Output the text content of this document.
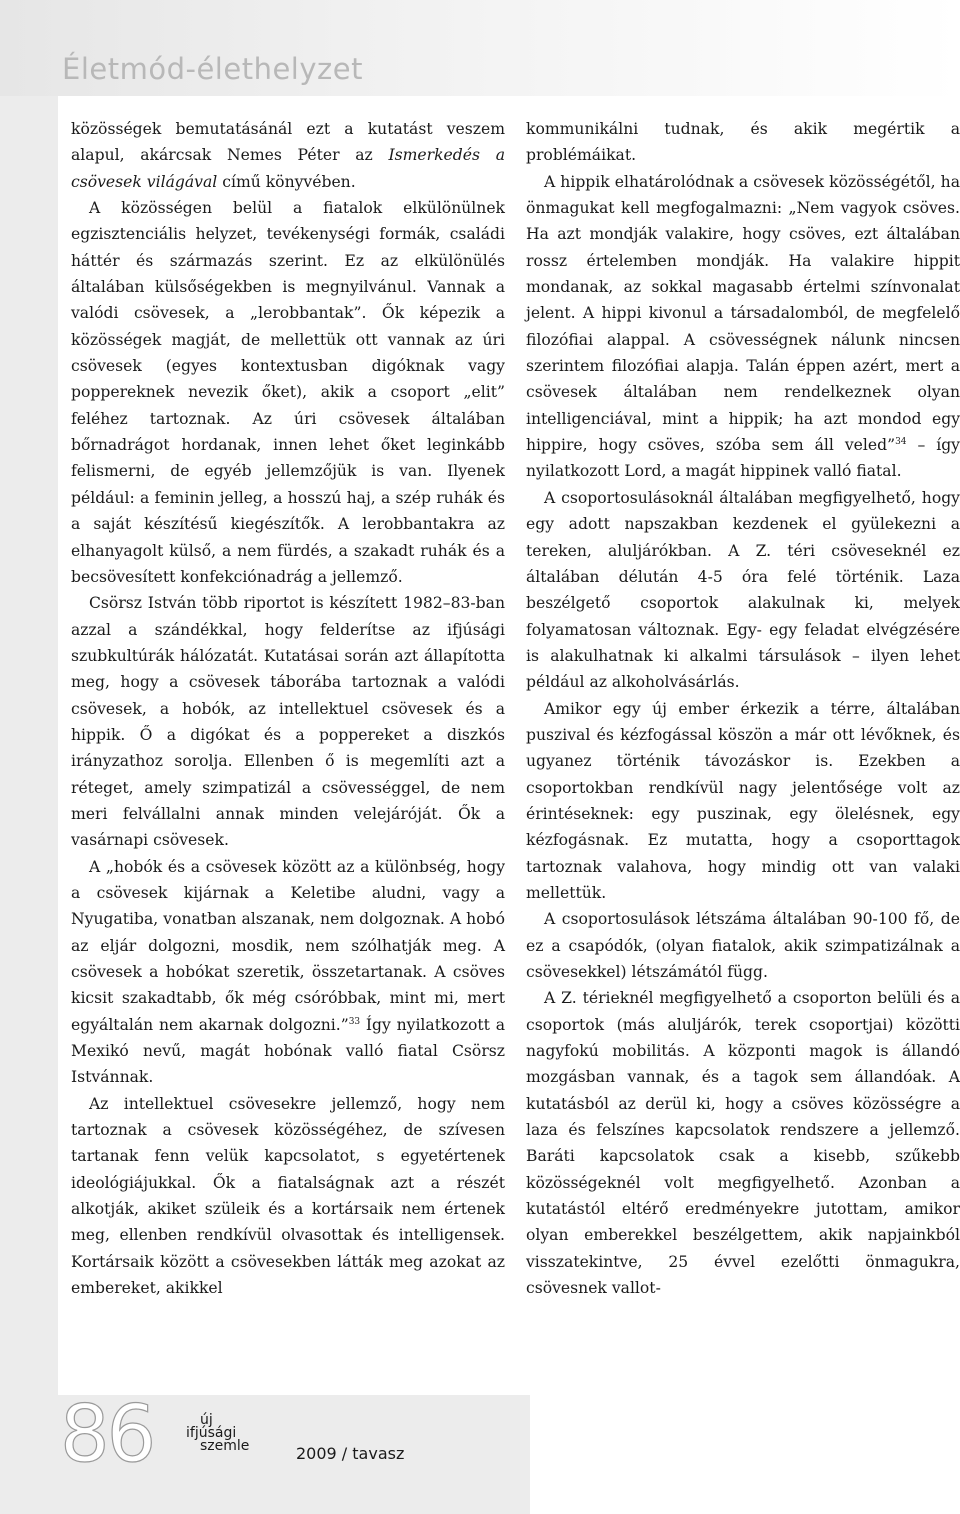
Életmód-élethelyzet

közösségek bemutatásánál ezt a kutatást veszem alapul, akárcsak Nemes Péter az Ismerkedés a csövesek világával című könyvében.

A közösségen belül a fiatalok elkülönülnek egzisztenciális helyzet, tevékenységi formák, családi háttér és származás szerint. Ez az elkülönülés általában külsőségekben is megnyilvánul. Vannak a valódi csövesek, a „lerobbantak”. Ők képezik a közösségek magját, de mellettük ott vannak az úri csövesek (egyes kontextusban digóknak vagy poppereknek nevezik őket), akik a csoport „elit” feléhez tartoznak. Az úri csövesek általában bőrnadrágot hordanak, innen lehet őket leginkább felismerni, de egyéb jellemzőjük is van. Ilyenek például: a feminin jelleg, a hosszú haj, a szép ruhák és a saját készítésű kiegészítők. A lerobbantakra az elhanyagolt külső, a nem fürdés, a szakadt ruhák és a becsövesített konfekciónadrág a jellemző.

Csörsz István több riportot is készített 1982–83-ban azzal a szándékkal, hogy felderítse az ifjúsági szubkultúrák hálózatát. Kutatásai során azt állapította meg, hogy a csövesek táborába tartoznak a valódi csövesek, a hobók, az intellektuel csövesek és a hippik. Ő a digókat és a poppereket a diszkós irányzathoz sorolja. Ellenben ő is megemlíti azt a réteget, amely szimpatizál a csövességgel, de nem meri felvállalni annak minden velejáróját. Ők a vasárnapi csövesek.

A „hobók és a csövesek között az a különbség, hogy a csövesek kijárnak a Keletibe aludni, vagy a Nyugatiba, vonatban alszanak, nem dolgoznak. A hobó az eljár dolgozni, mosdik, nem szólhatják meg. A csövesek a hobókat szeretik, összetartanak. A csöves kicsit szakadtabb, ők még csóróbbak, mint mi, mert egyáltalán nem akarnak dolgozni.”$^{33}$ Így nyilatkozott a Mexikó nevű, magát hobónak valló fiatal Csörsz Istvánnak.

Az intellektuel csövesekre jellemző, hogy nem tartoznak a csövesek közösségéhez, de szívesen tartanak fenn velük kapcsolatot, s egyetértenek ideológiájukkal. Ők a fiatalságnak azt a részét alkotják, akiket szüleik és a kortársaik nem értenek meg, ellenben rendkívül olvasottak és intelligensek. Kortársaik között a csövesekben látták meg azokat az embereket, akikkel

kommunikálni tudnak, és akik megértik a problémáikat.

A hippik elhatárolódnak a csövesek közösségétől, ha önmagukat kell megfogalmazni: „Nem vagyok csöves. Ha azt mondják valakire, hogy csöves, ezt általában rossz értelemben mondják. Ha valakire hippit mondanak, az sokkal magasabb értelmi színvonalat jelent. A hippi kivonul a társadalomból, de megfelelő filozófiai alappal. A csövességnek nálunk nincsen szerintem filozófiai alapja. Talán éppen azért, mert a csövesek általában nem rendelkeznek olyan intelligenciával, mint a hippik; ha azt mondod egy hippire, hogy csöves, szóba sem áll veled”$^{34}$ – így nyilatkozott Lord, a magát hippinek valló fiatal.

A csoportosulásoknál általában megfigyelhető, hogy egy adott napszakban kezdenek el gyülekezni a tereken, aluljárókban. A Z. téri csöveseknél ez általában délután 4-5 óra felé történik. Laza beszélgető csoportok alakulnak ki, melyek folyamatosan változnak. Egy- egy feladat elvégzésére is alakulhatnak ki alkalmi társulások – ilyen lehet például az alkoholvásárlás.

Amikor egy új ember érkezik a térre, általában puszival és kézfogással köszön a már ott lévőknek, és ugyanez történik távozáskor is. Ezekben a csoportokban rendkívül nagy jelentősége volt az érintéseknek: egy puszinak, egy ölelésnek, egy kézfogásnak. Ez mutatta, hogy a csoporttagok tartoznak valahova, hogy mindig ott van valaki mellettük.

A csoportosulások létszáma általában 90-100 fő, de ez a csapódók, (olyan fiatalok, akik szimpatizálnak a csövesekkel) létszámától függ.

A Z. térieknél megfigyelhető a csoporton belüli és a csoportok (más aluljárók, terek csoportjai) közötti nagyfokú mobilitás. A központi magok is állandó mozgásban vannak, és a tagok sem állandóak. A kutatásból az derül ki, hogy a csöves közösségre a laza és felszínes kapcsolatok rendszere a jellemző. Baráti kapcsolatok csak a kisebb, szűkebb közösségeknél volt megfigyelhető. Azonban a kutatástól eltérő eredményekre jutottam, amikor olyan emberekkel beszélgettem, akik napjainkból visszatekintve, 25 évvel ezelőtti önmagukra, csövesnek vallot-

86	új
ifjúsági
szemle	2009 / tavasz
